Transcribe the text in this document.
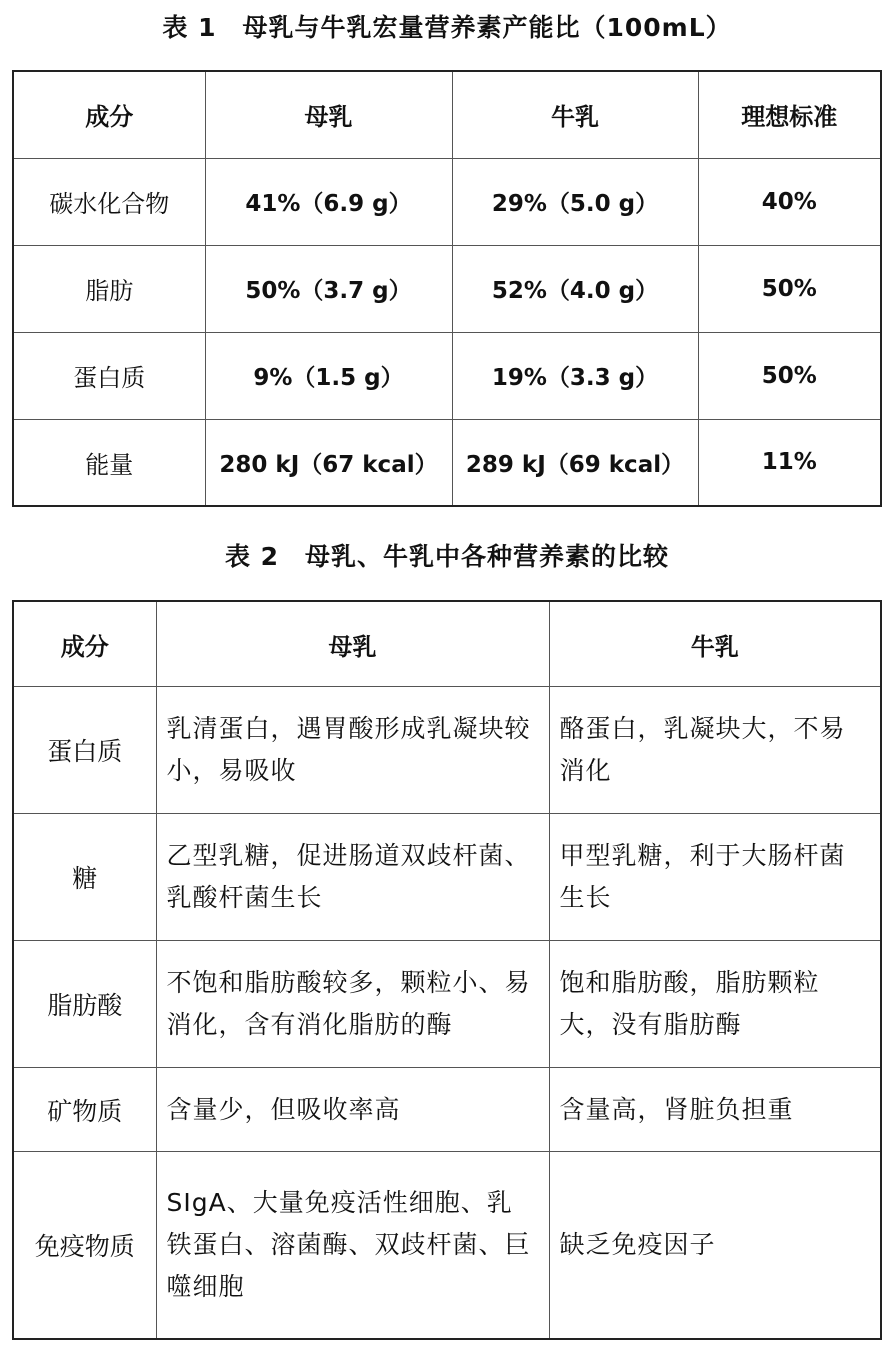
表 1　母乳与牛乳宏量营养素产能比（100mL）
成分	母乳	牛乳	理想标准
碳水化合物	41%（6.9 g）	29%（5.0 g）	40%
脂肪	50%（3.7 g）	52%（4.0 g）	50%
蛋白质	9%（1.5 g）	19%（3.3 g）	50%
能量	280 kJ（67 kcal）	289 kJ（69 kcal）	11%
表 2　母乳、牛乳中各种营养素的比较
成分	母乳	牛乳
蛋白质	乳清蛋白，遇胃酸形成乳凝块较小，易吸收	酪蛋白，乳凝块大，不易消化
糖	乙型乳糖，促进肠道双歧杆菌、乳酸杆菌生长	甲型乳糖，利于大肠杆菌生长
脂肪酸	不饱和脂肪酸较多，颗粒小、易消化，含有消化脂肪的酶	饱和脂肪酸，脂肪颗粒大，没有脂肪酶
矿物质	含量少，但吸收率高	含量高，肾脏负担重
免疫物质	SIgA、大量免疫活性细胞、乳铁蛋白、溶菌酶、双歧杆菌、巨噬细胞	缺乏免疫因子
